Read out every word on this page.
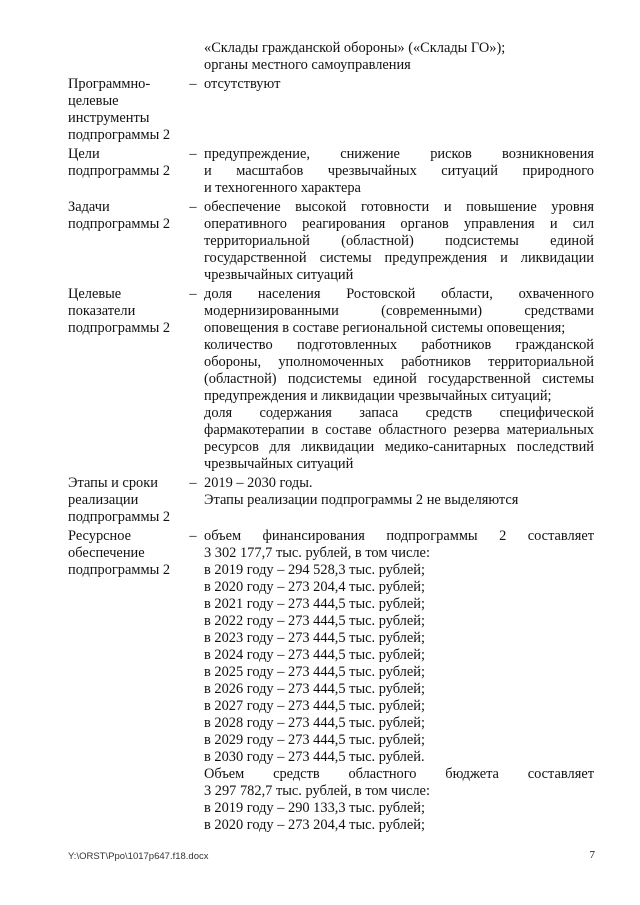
«Склады гражданской обороны» («Склады ГО»);
органы местного самоуправления
Программно-
целевые
инструменты
подпрограммы 2
– отсутствуют
Цели
подпрограммы 2
– предупреждение, снижение рисков возникновения
и масштабов чрезвычайных ситуаций природного
и техногенного характера
Задачи
подпрограммы 2
– обеспечение высокой готовности и повышение уровня
оперативного реагирования органов управления и сил
территориальной (областной) подсистемы единой
государственной системы предупреждения и ликвидации
чрезвычайных ситуаций
Целевые
показатели
подпрограммы 2
– доля населения Ростовской области, охваченного
модернизированными (современными) средствами
оповещения в составе региональной системы оповещения;
количество подготовленных работников гражданской
обороны, уполномоченных работников территориальной
(областной) подсистемы единой государственной системы
предупреждения и ликвидации чрезвычайных ситуаций;
доля содержания запаса средств специфической
фармакотерапии в составе областного резерва материальных
ресурсов для ликвидации медико-санитарных последствий
чрезвычайных ситуаций
Этапы и сроки
реализации
подпрограммы 2
– 2019 – 2030 годы.
Этапы реализации подпрограммы 2 не выделяются
Ресурсное
обеспечение
подпрограммы 2
– объем финансирования подпрограммы 2 составляет
3 302 177,7 тыс. рублей, в том числе:
в 2019 году – 294 528,3 тыс. рублей;
в 2020 году – 273 204,4 тыс. рублей;
в 2021 году – 273 444,5 тыс. рублей;
в 2022 году – 273 444,5 тыс. рублей;
в 2023 году – 273 444,5 тыс. рублей;
в 2024 году – 273 444,5 тыс. рублей;
в 2025 году – 273 444,5 тыс. рублей;
в 2026 году – 273 444,5 тыс. рублей;
в 2027 году – 273 444,5 тыс. рублей;
в 2028 году – 273 444,5 тыс. рублей;
в 2029 году – 273 444,5 тыс. рублей;
в 2030 году – 273 444,5 тыс. рублей.
Объем средств областного бюджета составляет
3 297 782,7 тыс. рублей, в том числе:
в 2019 году – 290 133,3 тыс. рублей;
в 2020 году – 273 204,4 тыс. рублей;
Y:\ORST\Ppo\1017p647.f18.docx	7
